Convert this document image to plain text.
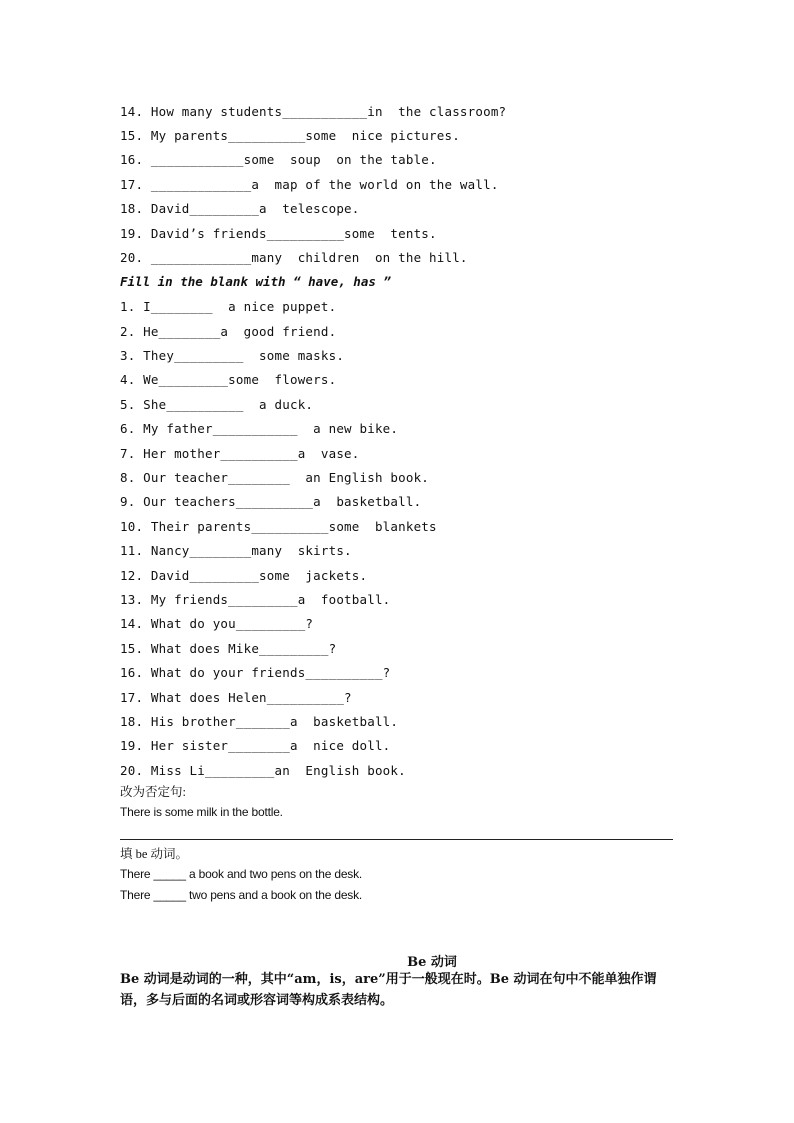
14. How many students___________in  the classroom?
15. My parents__________some  nice pictures.
16. ____________some  soup  on the table.
17. _____________a  map of the world on the wall.
18. David_________a  telescope.
19. David’s friends__________some  tents.
20. _____________many  children  on the hill.
Fill in the blank with “ have, has ”
1. I________  a nice puppet.
2. He________a  good friend.
3. They_________  some masks.
4. We_________some  flowers.
5. She__________  a duck.
6. My father___________  a new bike.
7. Her mother__________a  vase.
8. Our teacher________  an English book.
9. Our teachers__________a  basketball.
10. Their parents__________some  blankets
11. Nancy________many  skirts.
12. David_________some  jackets.
13. My friends_________a  football.
14. What do you_________?
15. What does Mike_________?
16. What do your friends__________?
17. What does Helen__________?
18. His brother_______a  basketball.
19. Her sister________a  nice doll.
20. Miss Li_________an  English book.
改为否定句:
There is some milk in the bottle.
填 be 动词。
There _____ a book and two pens on the desk.
There _____ two pens and a book on the desk.
Be 动词
Be 动词是动词的一种，其中“am，is，are”用于一般现在时。Be 动词在句中不能单独作谓语，多与后面的名词或形容词等构成系表结构。
